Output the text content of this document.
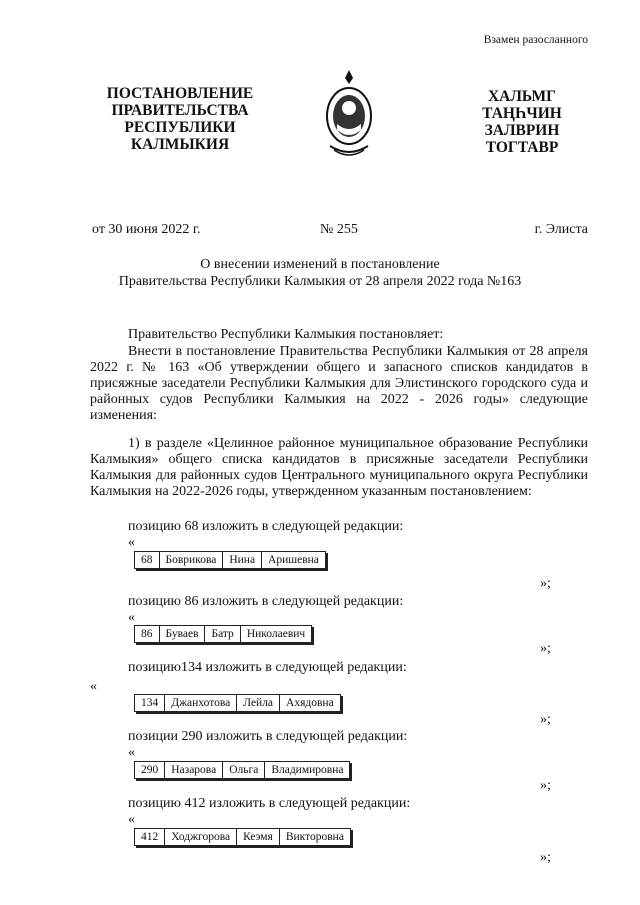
Взамен разосланного
ПОСТАНОВЛЕНИЕ
ПРАВИТЕЛЬСТВА
РЕСПУБЛИКИ
КАЛМЫКИЯ
ХАЛЬМГ
ТАҢҺЧИН
ЗАЛВРИН
ТОГТАВР
от 30 июня 2022 г.	№ 255	г. Элиста
О внесении изменений в постановление
Правительства Республики Калмыкия от 28 апреля 2022 года №163
Правительство Республики Калмыкия постановляет:
Внести в постановление Правительства Республики Калмыкия от 28 апреля 2022 г. № 163 «Об утверждении общего и запасного списков кандидатов в присяжные заседатели Республики Калмыкия для Элистинского городского суда и районных судов Республики Калмыкия на 2022 - 2026 годы» следующие изменения:
1) в разделе «Целинное районное муниципальное образование Республики Калмыкия» общего списка кандидатов в присяжные заседатели Республики Калмыкия для районных судов Центрального муниципального округа Республики Калмыкия на 2022-2026 годы, утвержденном указанным постановлением:
позицию 68 изложить в следующей редакции:
«
68	Боврикова	Нина	Аришевна
»;
позицию 86 изложить в следующей редакции:
«
86	Буваев	Батр	Николаевич
»;
позицию134 изложить в следующей редакции:
«
134	Джанхотова	Лейла	Ахядовна
»;
позиции 290 изложить в следующей редакции:
«
290	Назарова	Ольга	Владимировна
»;
позицию 412 изложить в следующей редакции:
«
412	Ходжгорова	Кеэмя	Викторовна
»;
